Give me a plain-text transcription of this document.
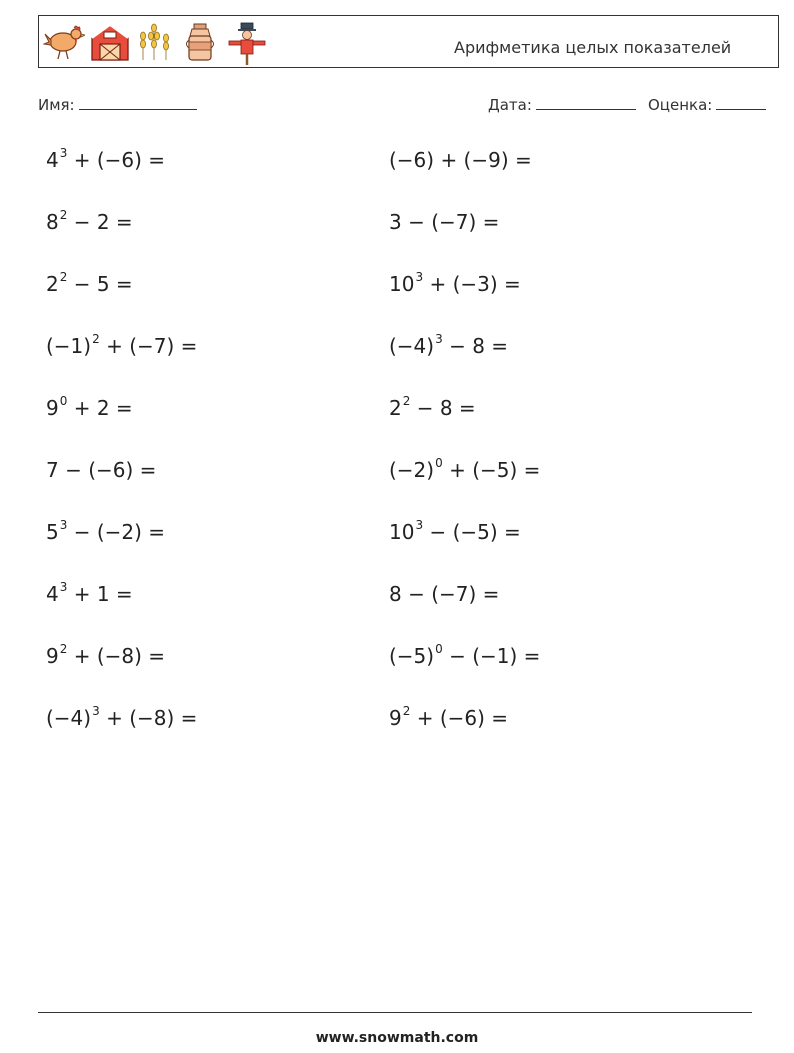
Арифметика целых показателей
Имя:	Дата:	Оценка:
$4^3 + (-6)$ =
$8^2 - 2$ =
$2^2 - 5$ =
$(-1)^2 + (-7)$ =
$9^0 + 2$ =
7 − (−6) =
$5^3 - (-2)$ =
$4^3 + 1$ =
$9^2 + (-8)$ =
$(-4)^3 + (-8)$ =
(−6) + (−9) =
3 − (−7) =
$10^3 + (-3)$ =
$(-4)^3 - 8$ =
$2^2 - 8$ =
$(-2)^0 + (-5)$ =
$10^3 - (-5)$ =
8 − (−7) =
$(-5)^0 - (-1)$ =
$9^2 + (-6)$ =
www.snowmath.com
